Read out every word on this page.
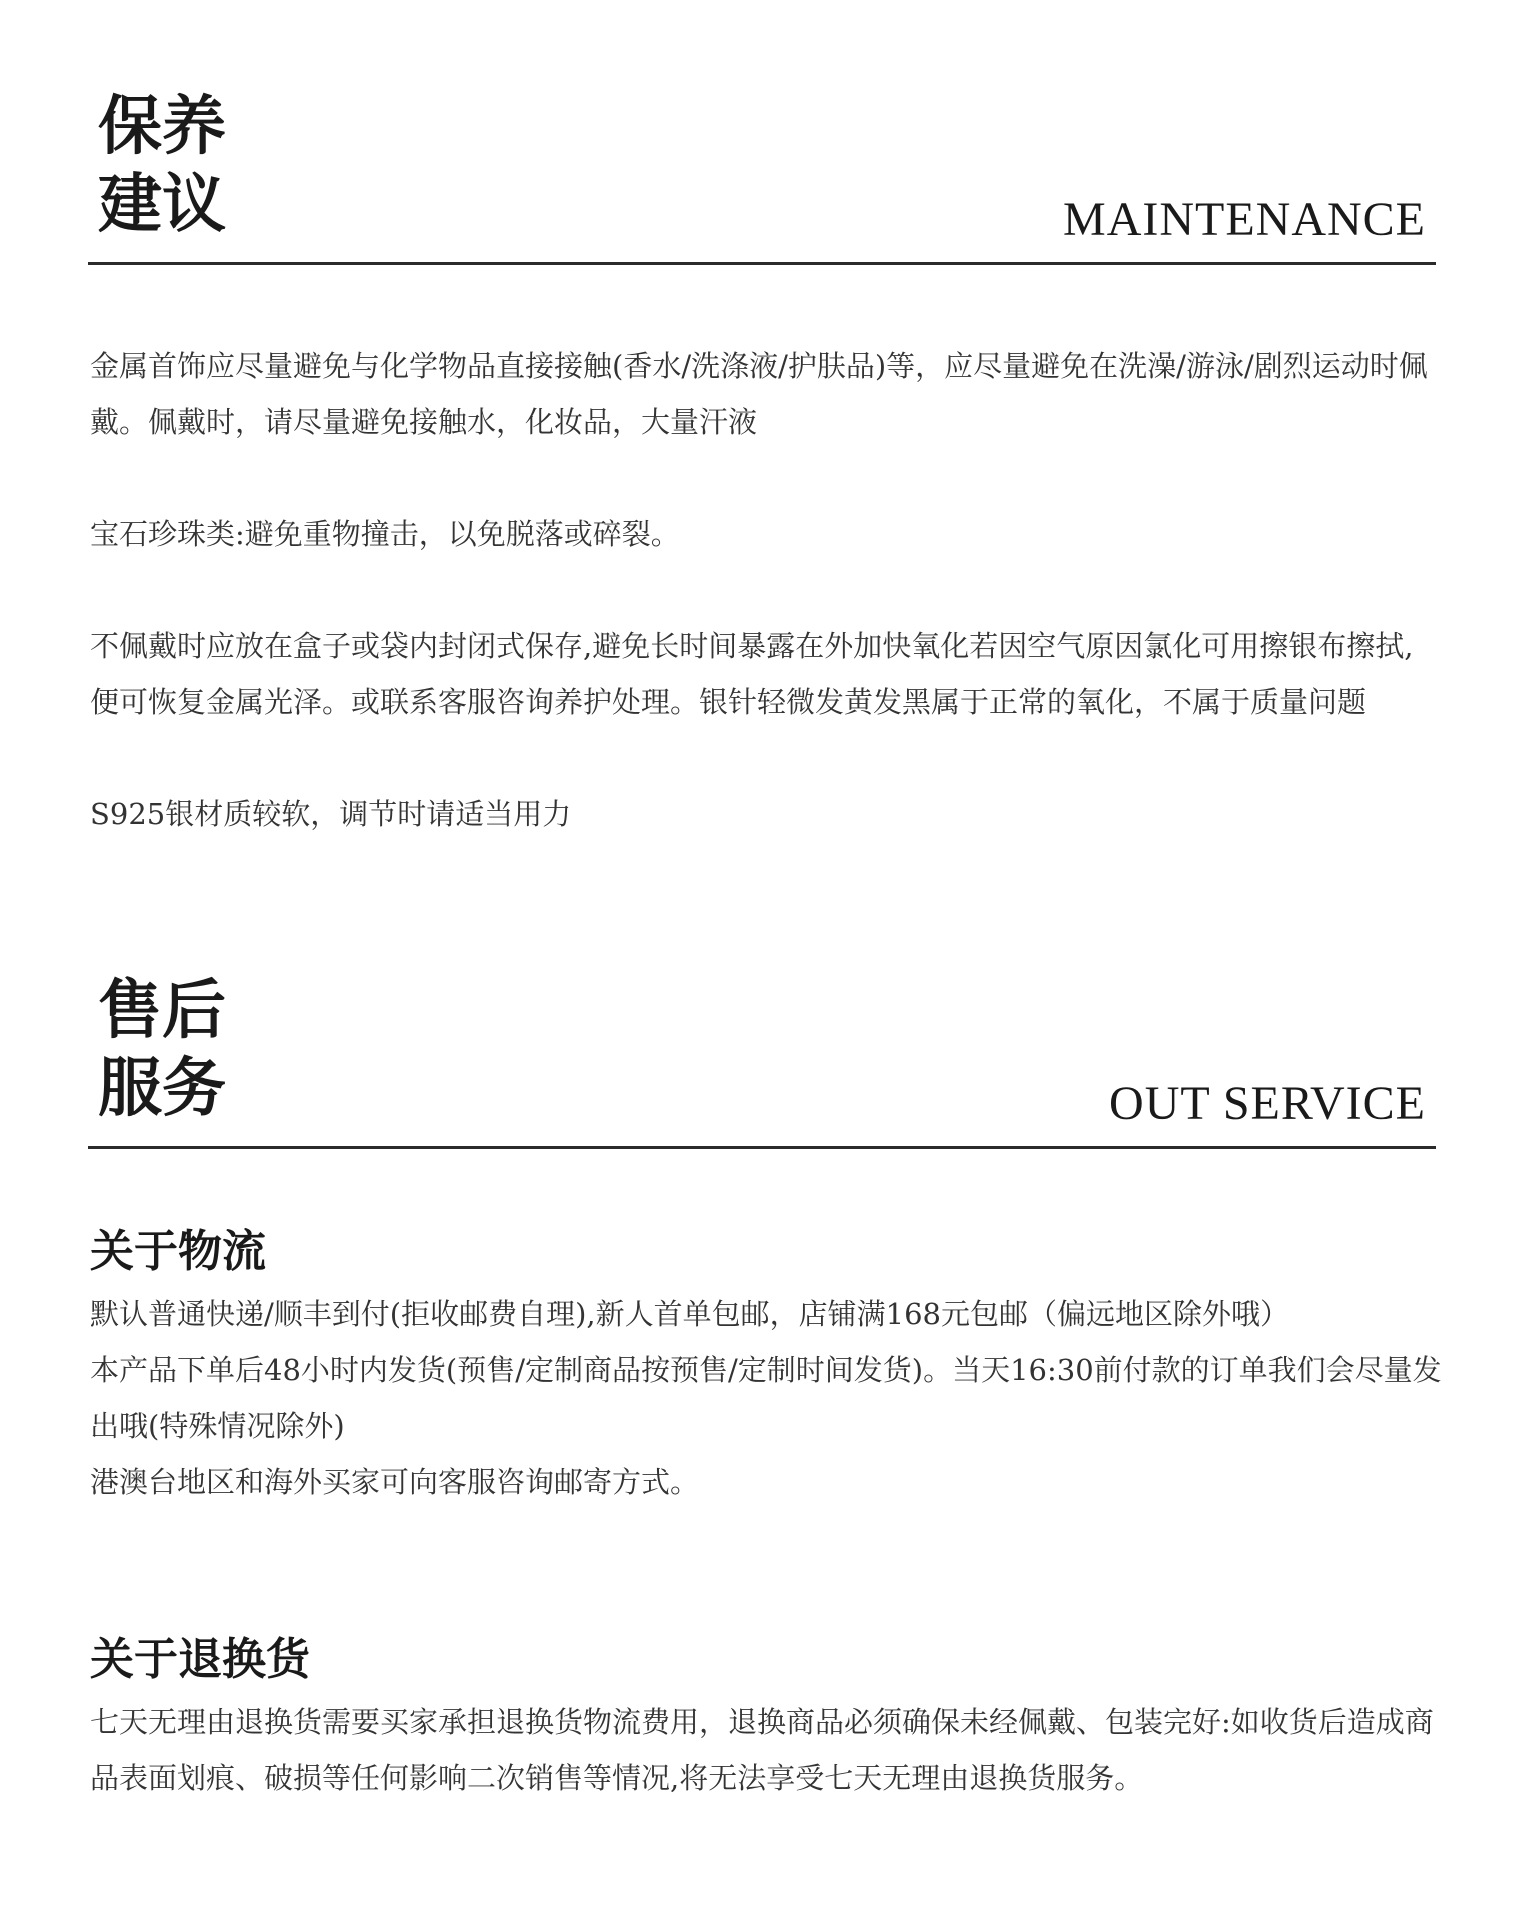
保养
建议	MAINTENANCE

金属首饰应尽量避免与化学物品直接接触(香水/洗涤液/护肤品)等，应尽量避免在洗澡/游泳/剧烈运动时佩戴。佩戴时，请尽量避免接触水，化妆品，大量汗液

宝石珍珠类:避免重物撞击，以免脱落或碎裂。

不佩戴时应放在盒子或袋内封闭式保存,避免长时间暴露在外加快氧化若因空气原因氯化可用擦银布擦拭,便可恢复金属光泽。或联系客服咨询养护处理。银针轻微发黄发黑属于正常的氧化，不属于质量问题

S925银材质较软，调节时请适当用力

售后
服务	OUT SERVICE
关于物流

默认普通快递/顺丰到付(拒收邮费自理),新人首单包邮，店铺满168元包邮（偏远地区除外哦）

本产品下单后48小时内发货(预售/定制商品按预售/定制时间发货)。当天16:30前付款的订单我们会尽量发出哦(特殊情况除外)

港澳台地区和海外买家可向客服咨询邮寄方式。

关于退换货

七天无理由退换货需要买家承担退换货物流费用，退换商品必须确保未经佩戴、包装完好:如收货后造成商品表面划痕、破损等任何影响二次销售等情况,将无法享受七天无理由退换货服务。
